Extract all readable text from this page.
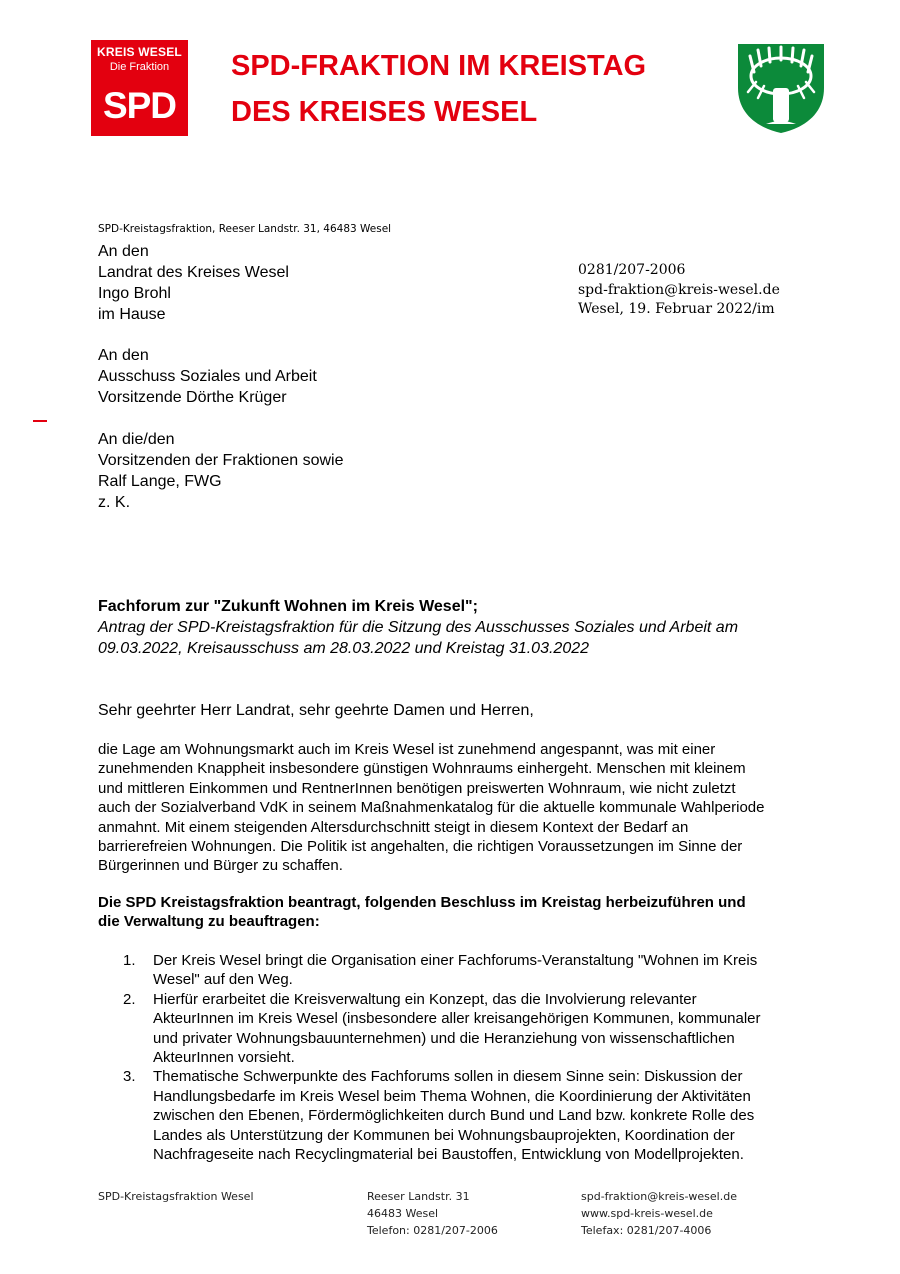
KREIS WESEL
Die Fraktion
SPD
SPD-FRAKTION IM KREISTAG
DES KREISES WESEL
SPD-Kreistagsfraktion, Reeser Landstr. 31, 46483 Wesel
An den
Landrat des Kreises Wesel
Ingo Brohl
im Hause
An den
Ausschuss Soziales und Arbeit
Vorsitzende Dörthe Krüger
An die/den
Vorsitzenden der Fraktionen sowie
Ralf Lange, FWG
z. K.
0281/207-2006
spd-fraktion@kreis-wesel.de
Wesel, 19. Februar 2022/im
Fachforum zur "Zukunft Wohnen im Kreis Wesel";
Antrag der SPD-Kreistagsfraktion für die Sitzung des Ausschusses Soziales und Arbeit am
09.03.2022, Kreisausschuss am 28.03.2022 und Kreistag 31.03.2022
Sehr geehrter Herr Landrat, sehr geehrte Damen und Herren,
die Lage am Wohnungsmarkt auch im Kreis Wesel ist zunehmend angespannt, was mit einer
zunehmenden Knappheit insbesondere günstigen Wohnraums einhergeht. Menschen mit kleinem
und mittleren Einkommen und RentnerInnen benötigen preiswerten Wohnraum, wie nicht zuletzt
auch der Sozialverband VdK in seinem Maßnahmenkatalog für die aktuelle kommunale Wahlperiode
anmahnt. Mit einem steigenden Altersdurchschnitt steigt in diesem Kontext der Bedarf an
barrierefreien Wohnungen. Die Politik ist angehalten, die richtigen Voraussetzungen im Sinne der
Bürgerinnen und Bürger zu schaffen.
Die SPD Kreistagsfraktion beantragt, folgenden Beschluss im Kreistag herbeizuführen und
die Verwaltung zu beauftragen:
1. Der Kreis Wesel bringt die Organisation einer Fachforums-Veranstaltung "Wohnen im Kreis
Wesel" auf den Weg.
2. Hierfür erarbeitet die Kreisverwaltung ein Konzept, das die Involvierung relevanter
AkteurInnen im Kreis Wesel (insbesondere aller kreisangehörigen Kommunen, kommunaler
und privater Wohnungsbauunternehmen) und die Heranziehung von wissenschaftlichen
AkteurInnen vorsieht.
3. Thematische Schwerpunkte des Fachforums sollen in diesem Sinne sein: Diskussion der
Handlungsbedarfe im Kreis Wesel beim Thema Wohnen, die Koordinierung der Aktivitäten
zwischen den Ebenen, Fördermöglichkeiten durch Bund und Land bzw. konkrete Rolle des
Landes als Unterstützung der Kommunen bei Wohnungsbauprojekten, Koordination der
Nachfrageseite nach Recyclingmaterial bei Baustoffen, Entwicklung von Modellprojekten.
SPD-Kreistagsfraktion Wesel	Reeser Landstr. 31
46483 Wesel
Telefon: 0281/207-2006
spd-fraktion@kreis-wesel.de
www.spd-kreis-wesel.de
Telefax: 0281/207-4006
